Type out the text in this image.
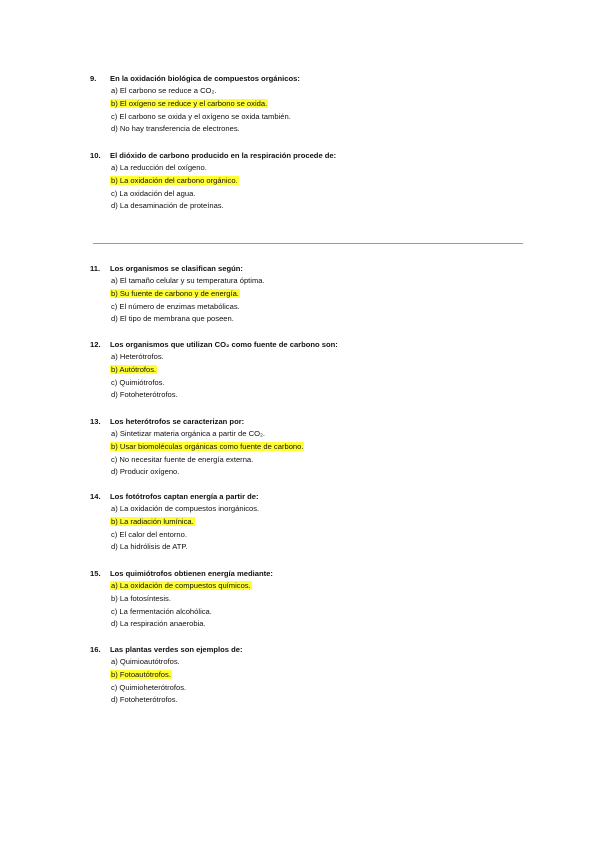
9. En la oxidación biológica de compuestos orgánicos:
a) El carbono se reduce a CO₂.
b) El oxígeno se reduce y el carbono se oxida.
c) El carbono se oxida y el oxígeno se oxida también.
d) No hay transferencia de electrones.
10. El dióxido de carbono producido en la respiración procede de:
a) La reducción del oxígeno.
b) La oxidación del carbono orgánico.
c) La oxidación del agua.
d) La desaminación de proteínas.
11. Los organismos se clasifican según:
a) El tamaño celular y su temperatura óptima.
b) Su fuente de carbono y de energía.
c) El número de enzimas metabólicas.
d) El tipo de membrana que poseen.
12. Los organismos que utilizan CO₂ como fuente de carbono son:
a) Heterótrofos.
b) Autótrofos.
c) Quimiótrofos.
d) Fotoheterótrofos.
13. Los heterótrofos se caracterizan por:
a) Sintetizar materia orgánica a partir de CO₂.
b) Usar biomoléculas orgánicas como fuente de carbono.
c) No necesitar fuente de energía externa.
d) Producir oxígeno.
14. Los fotótrofos captan energía a partir de:
a) La oxidación de compuestos inorgánicos.
b) La radiación lumínica.
c) El calor del entorno.
d) La hidrólisis de ATP.
15. Los quimiótrofos obtienen energía mediante:
a) La oxidación de compuestos químicos.
b) La fotosíntesis.
c) La fermentación alcohólica.
d) La respiración anaerobia.
16. Las plantas verdes son ejemplos de:
a) Quimioautótrofos.
b) Fotoautótrofos.
c) Quimioheterótrofos.
d) Fotoheterótrofos.
